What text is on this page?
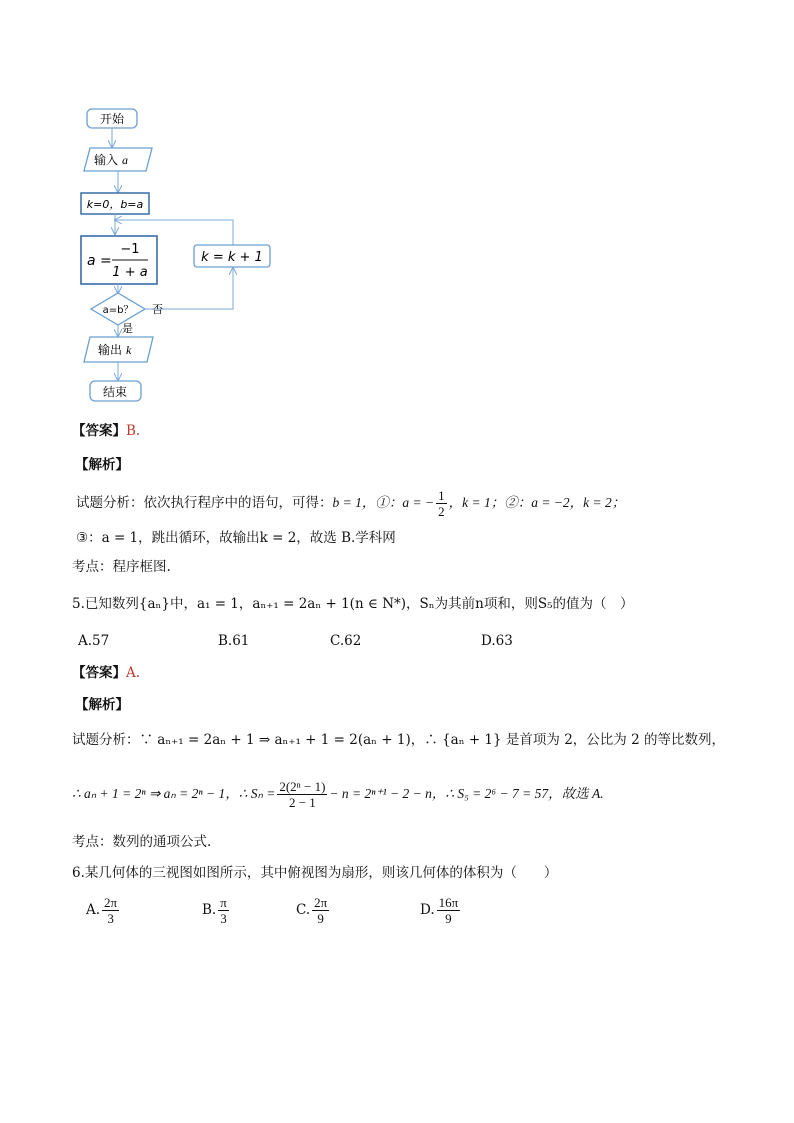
开始
输入 a
k=0，b=a
a =
−1
1 + a
k = k + 1
a=b？ 否
是
输出 k
结束
【答案】B.
【解析】
试题分析：依次执行程序中的语句，可得：b = 1，①：a = − $\frac{1}{2}$ ，k = 1；②：a = −2，k = 2；
③：a = 1，跳出循环，故输出k = 2，故选 B.学科网
考点：程序框图.
5.已知数列{aₙ}中，a₁ = 1，aₙ₊₁ = 2aₙ + 1(n ∈ N*)，Sₙ为其前n项和，则S₅的值为（　）
A.57	B.61	C.62	D.63
【答案】A.
【解析】
试题分析：∵ aₙ₊₁ = 2aₙ + 1 ⇒ aₙ₊₁ + 1 = 2(aₙ + 1)，∴ {aₙ + 1} 是首项为 2，公比为 2 的等比数列，
∴ aₙ + 1 = 2ⁿ ⇒ aₙ = 2ⁿ − 1，∴ $S_n = \frac{\text{2(2ⁿ − 1)}}{2 - 1} - n = 2^{n+1} - 2 - n$，∴ S₅ = 2⁶ − 7 = 57，故选 A.
考点：数列的通项公式.
6.某几何体的三视图如图所示，其中俯视图为扇形，则该几何体的体积为（　　）
A. $\frac{2\pi}{3}$	B. $\frac{\pi}{3}$	C. $\frac{2\pi}{9}$	D. $\frac{16\pi}{9}$
